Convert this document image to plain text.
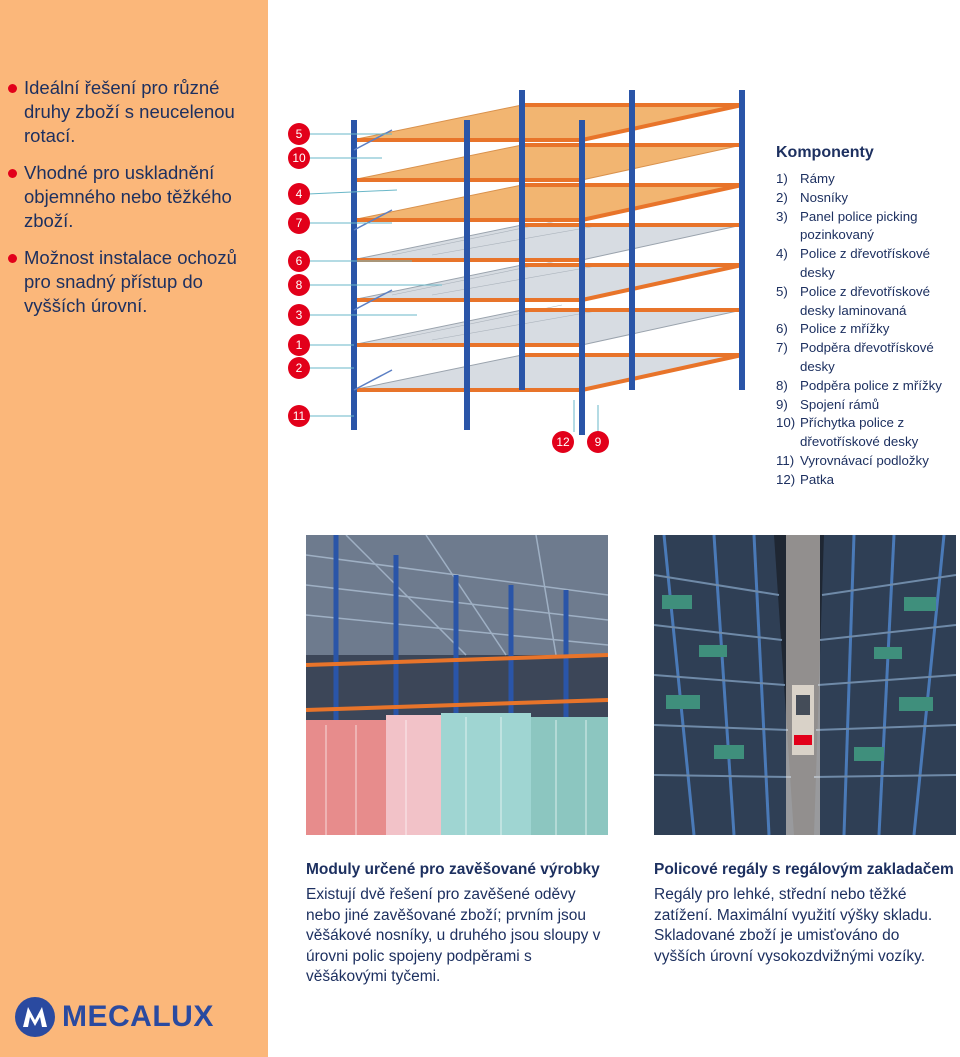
Ideální řešení pro různé druhy zboží s neucelenou rotací.
Vhodné pro uskladnění objemného nebo těžkého zboží.
Možnost instalace ochozů pro snadný přístup do vyšších úrovní.
MECALUX
5
10
4
7
6
8
3
1
2
11
12	9
Komponenty
1) Rámy
2) Nosníky
3) Panel police picking pozinkovaný
4) Police z dřevotřískové desky
5) Police z dřevotřískové desky laminovaná
6) Police z mřížky
7) Podpěra dřevotřískové desky
8) Podpěra police z mřížky
9) Spojení rámů
10) Příchytka police z dřevotřískové desky
11) Vyrovnávací podložky
12) Patka
Moduly určené pro zavěšované výrobky
Existují dvě řešení pro zavěšené oděvy nebo jiné zavěšované zboží; prvním jsou věšákové nosníky, u druhého jsou sloupy v úrovni polic spojeny podpěrami s věšákovými tyčemi.
Policové regály s regálovým zakladačem
Regály pro lehké, střední nebo těžké zatížení. Maximální využití výšky skladu. Skladované zboží je umisťováno do vyšších úrovní vysokozdvižnými vozíky.
